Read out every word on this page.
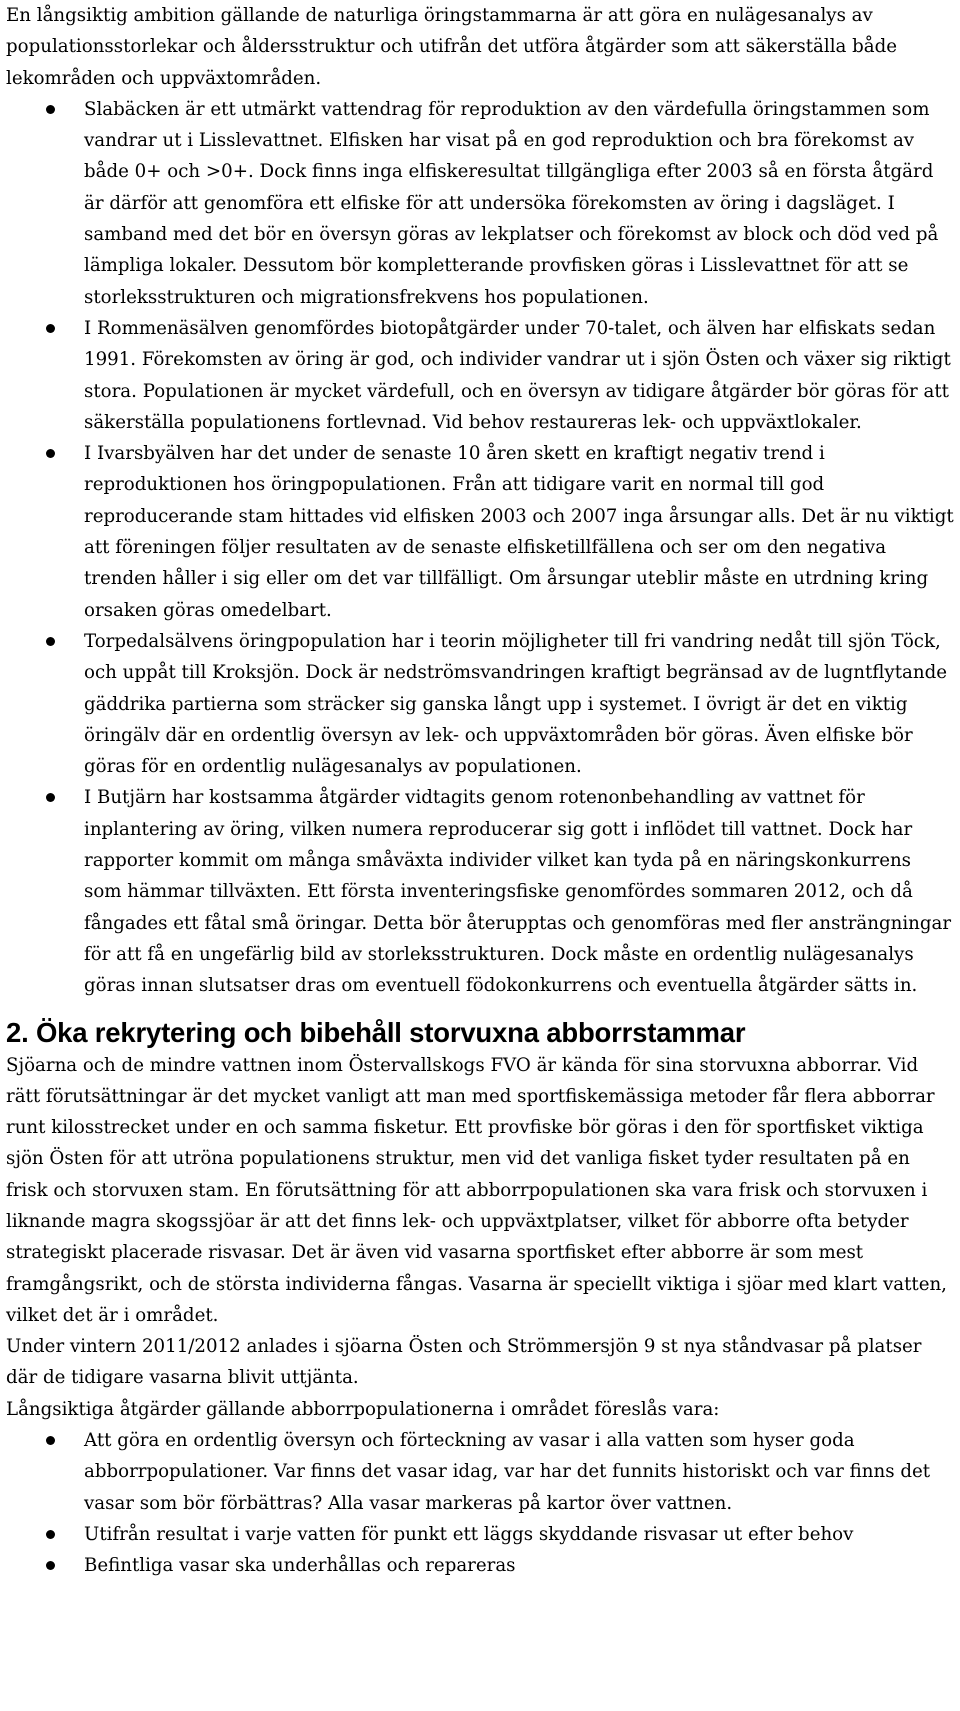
En långsiktig ambition gällande de naturliga öringstammarna är att göra en nulägesanalys av populationsstorlekar och åldersstruktur och utifrån det utföra åtgärder som att säkerställa både lekområden och uppväxtområden.

Slabäcken är ett utmärkt vattendrag för reproduktion av den värdefulla öringstammen som vandrar ut i Lisslevattnet. Elfisken har visat på en god reproduktion och bra förekomst av både 0+ och >0+. Dock finns inga elfiskeresultat tillgängliga efter 2003 så en första åtgärd är därför att genomföra ett elfiske för att undersöka förekomsten av öring i dagsläget. I samband med det bör en översyn göras av lekplatser och förekomst av block och död ved på lämpliga lokaler. Dessutom bör kompletterande provfisken göras i Lisslevattnet för att se storleksstrukturen och migrationsfrekvens hos populationen.
I Rommenäsälven genomfördes biotopåtgärder under 70-talet, och älven har elfiskats sedan 1991. Förekomsten av öring är god, och individer vandrar ut i sjön Östen och växer sig riktigt stora. Populationen är mycket värdefull, och en översyn av tidigare åtgärder bör göras för att säkerställa populationens fortlevnad. Vid behov restaureras lek- och uppväxtlokaler.
I Ivarsbyälven har det under de senaste 10 åren skett en kraftigt negativ trend i reproduktionen hos öringpopulationen. Från att tidigare varit en normal till god reproducerande stam hittades vid elfisken 2003 och 2007 inga årsungar alls. Det är nu viktigt att föreningen följer resultaten av de senaste elfisketillfällena och ser om den negativa trenden håller i sig eller om det var tillfälligt. Om årsungar uteblir måste en utrdning kring orsaken göras omedelbart.
Torpedalsälvens öringpopulation har i teorin möjligheter till fri vandring nedåt till sjön Töck, och uppåt till Kroksjön. Dock är nedströmsvandringen kraftigt begränsad av de lugntflytande gäddrika partierna som sträcker sig ganska långt upp i systemet. I övrigt är det en viktig öringälv där en ordentlig översyn av lek- och uppväxtområden bör göras. Även elfiske bör göras för en ordentlig nulägesanalys av populationen.
I Butjärn har kostsamma åtgärder vidtagits genom rotenonbehandling av vattnet för inplantering av öring, vilken numera reproducerar sig gott i inflödet till vattnet. Dock har rapporter kommit om många småväxta individer vilket kan tyda på en näringskonkurrens som hämmar tillväxten. Ett första inventeringsfiske genomfördes sommaren 2012, och då fångades ett fåtal små öringar. Detta bör återupptas och genomföras med fler ansträngningar för att få en ungefärlig bild av storleksstrukturen. Dock måste en ordentlig nulägesanalys göras innan slutsatser dras om eventuell födokonkurrens och eventuella åtgärder sätts in.
2. Öka rekrytering och bibehåll storvuxna abborrstammar

Sjöarna och de mindre vattnen inom Östervallskogs FVO är kända för sina storvuxna abborrar. Vid rätt förutsättningar är det mycket vanligt att man med sportfiskemässiga metoder får flera abborrar runt kilosstrecket under en och samma fisketur. Ett provfiske bör göras i den för sportfisket viktiga sjön Östen för att utröna populationens struktur, men vid det vanliga fisket tyder resultaten på en frisk och storvuxen stam. En förutsättning för att abborrpopulationen ska vara frisk och storvuxen i liknande magra skogssjöar är att det finns lek- och uppväxtplatser, vilket för abborre ofta betyder strategiskt placerade risvasar. Det är även vid vasarna sportfisket efter abborre är som mest framgångsrikt, och de största individerna fångas. Vasarna är speciellt viktiga i sjöar med klart vatten, vilket det är i området.

Under vintern 2011/2012 anlades i sjöarna Östen och Strömmersjön 9 st nya ståndvasar på platser där de tidigare vasarna blivit uttjänta.

Långsiktiga åtgärder gällande abborrpopulationerna i området föreslås vara:

Att göra en ordentlig översyn och förteckning av vasar i alla vatten som hyser goda abborrpopulationer. Var finns det vasar idag, var har det funnits historiskt och var finns det vasar som bör förbättras? Alla vasar markeras på kartor över vattnen.
Utifrån resultat i varje vatten för punkt ett läggs skyddande risvasar ut efter behov
Befintliga vasar ska underhållas och repareras
